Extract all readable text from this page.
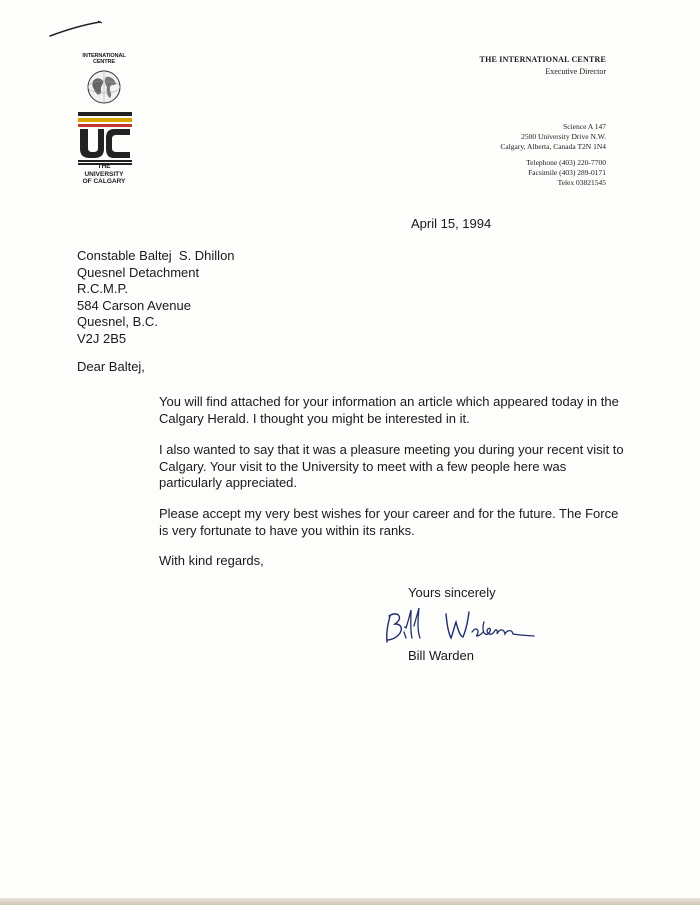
INTERNATIONAL
CENTRE
THE
UNIVERSITY
OF CALGARY
THE INTERNATIONAL CENTRE
Executive Director
Science A 147
2500 University Drive N.W.
Calgary, Alberta, Canada T2N 1N4
Telephone (403) 220-7700
Facsimile (403) 289-0171
Telex 03821545
April 15, 1994
Constable Baltej  S. Dhillon
Quesnel Detachment
R.C.M.P.
584 Carson Avenue
Quesnel, B.C.
V2J 2B5
Dear Baltej,
You will find attached for your information an article which appeared today in the Calgary Herald. I thought you might be interested in it.
I also wanted to say that it was a pleasure meeting you during your recent visit to Calgary. Your visit to the University to meet with a few people here was particularly appreciated.
Please accept my very best wishes for your career and for the future. The Force is very fortunate to have you within its ranks.
With kind regards,
Yours sincerely
Bill Warden
